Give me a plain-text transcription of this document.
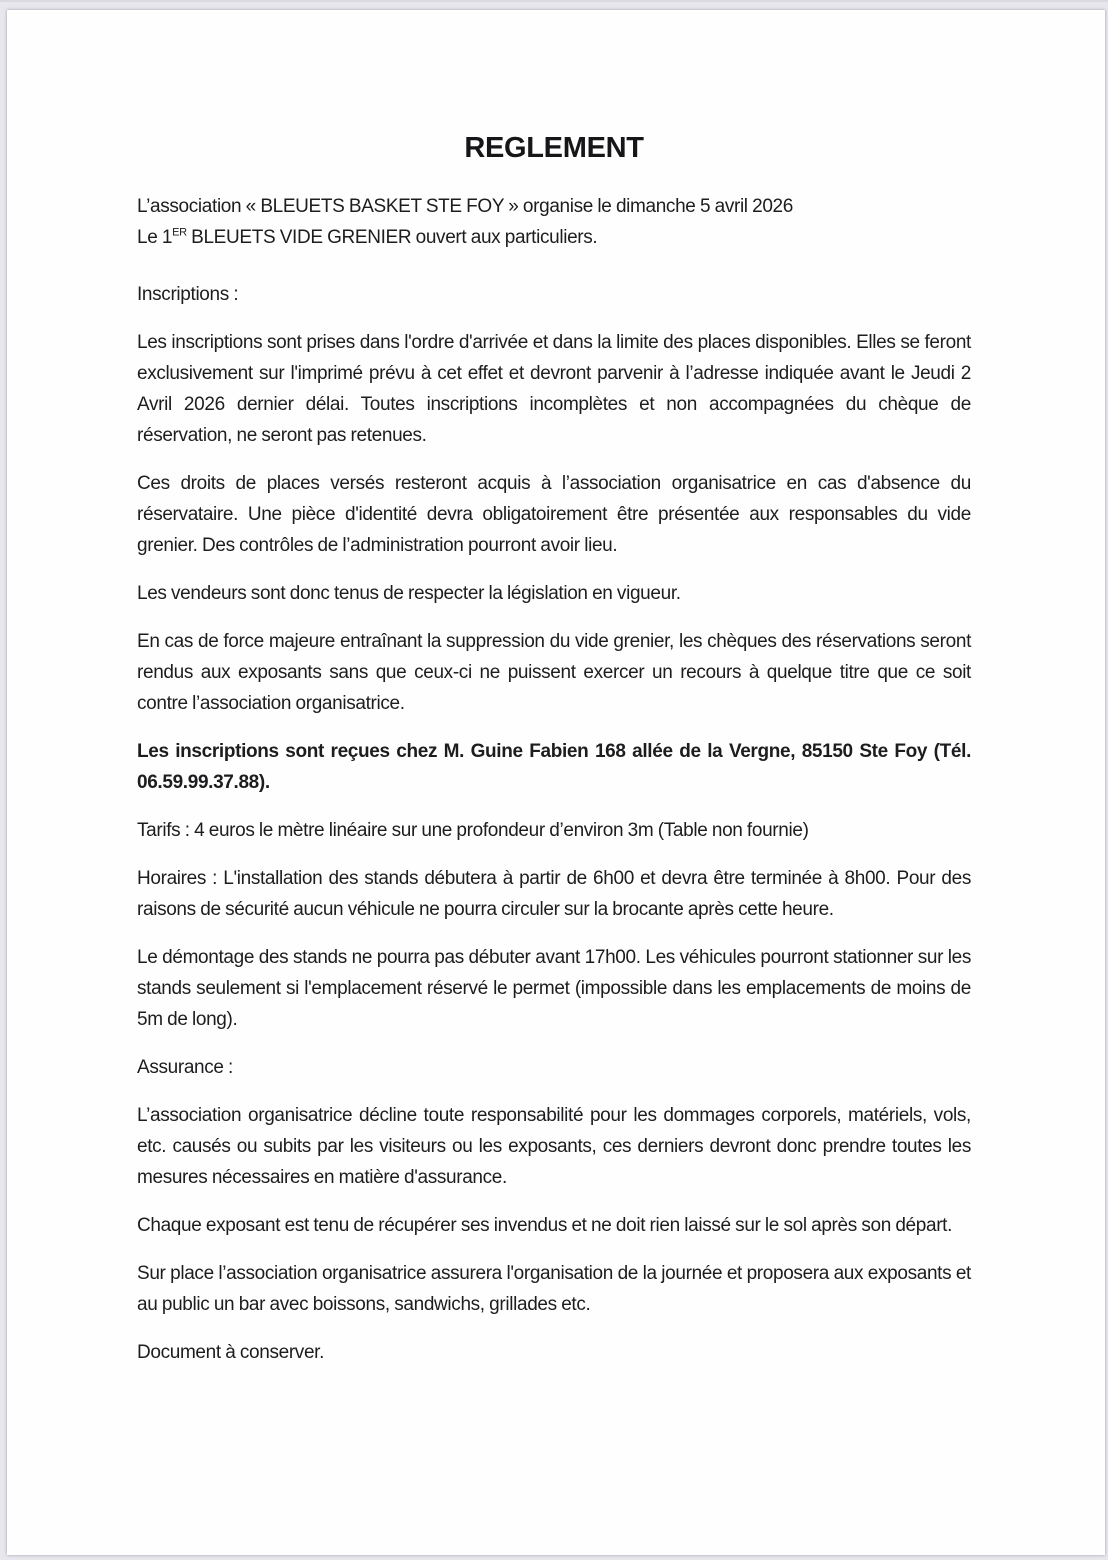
REGLEMENT

L’association « BLEUETS BASKET STE FOY » organise le dimanche 5 avril 2026
Le 1ER BLEUETS VIDE GRENIER ouvert aux particuliers.

Inscriptions :

Les inscriptions sont prises dans l'ordre d'arrivée et dans la limite des places disponibles. Elles se feront exclusivement sur l'imprimé prévu à cet effet et devront parvenir à l’adresse indiquée avant le Jeudi 2 Avril 2026 dernier délai. Toutes inscriptions incomplètes et non accompagnées du chèque de réservation, ne seront pas retenues.

Ces droits de places versés resteront acquis à l’association organisatrice en cas d'absence du réservataire. Une pièce d'identité devra obligatoirement être présentée aux responsables du vide grenier. Des contrôles de l’administration pourront avoir lieu.

Les vendeurs sont donc tenus de respecter la législation en vigueur.

En cas de force majeure entraînant la suppression du vide grenier, les chèques des réservations seront rendus aux exposants sans que ceux-ci ne puissent exercer un recours à quelque titre que ce soit contre l’association organisatrice.

Les inscriptions sont reçues chez M. Guine Fabien 168 allée de la Vergne, 85150 Ste Foy (Tél. 06.59.99.37.88).

Tarifs : 4 euros le mètre linéaire sur une profondeur d’environ 3m (Table non fournie)

Horaires : L'installation des stands débutera à partir de 6h00 et devra être terminée à 8h00. Pour des raisons de sécurité aucun véhicule ne pourra circuler sur la brocante après cette heure.

Le démontage des stands ne pourra pas débuter avant 17h00. Les véhicules pourront stationner sur les stands seulement si l'emplacement réservé le permet (impossible dans les emplacements de moins de 5m de long).

Assurance :

L’association organisatrice décline toute responsabilité pour les dommages corporels, matériels, vols, etc. causés ou subits par les visiteurs ou les exposants, ces derniers devront donc prendre toutes les mesures nécessaires en matière d'assurance.

Chaque exposant est tenu de récupérer ses invendus et ne doit rien laissé sur le sol après son départ.

Sur place l’association organisatrice assurera l'organisation de la journée et proposera aux exposants et au public un bar avec boissons, sandwichs, grillades etc.

Document à conserver.
